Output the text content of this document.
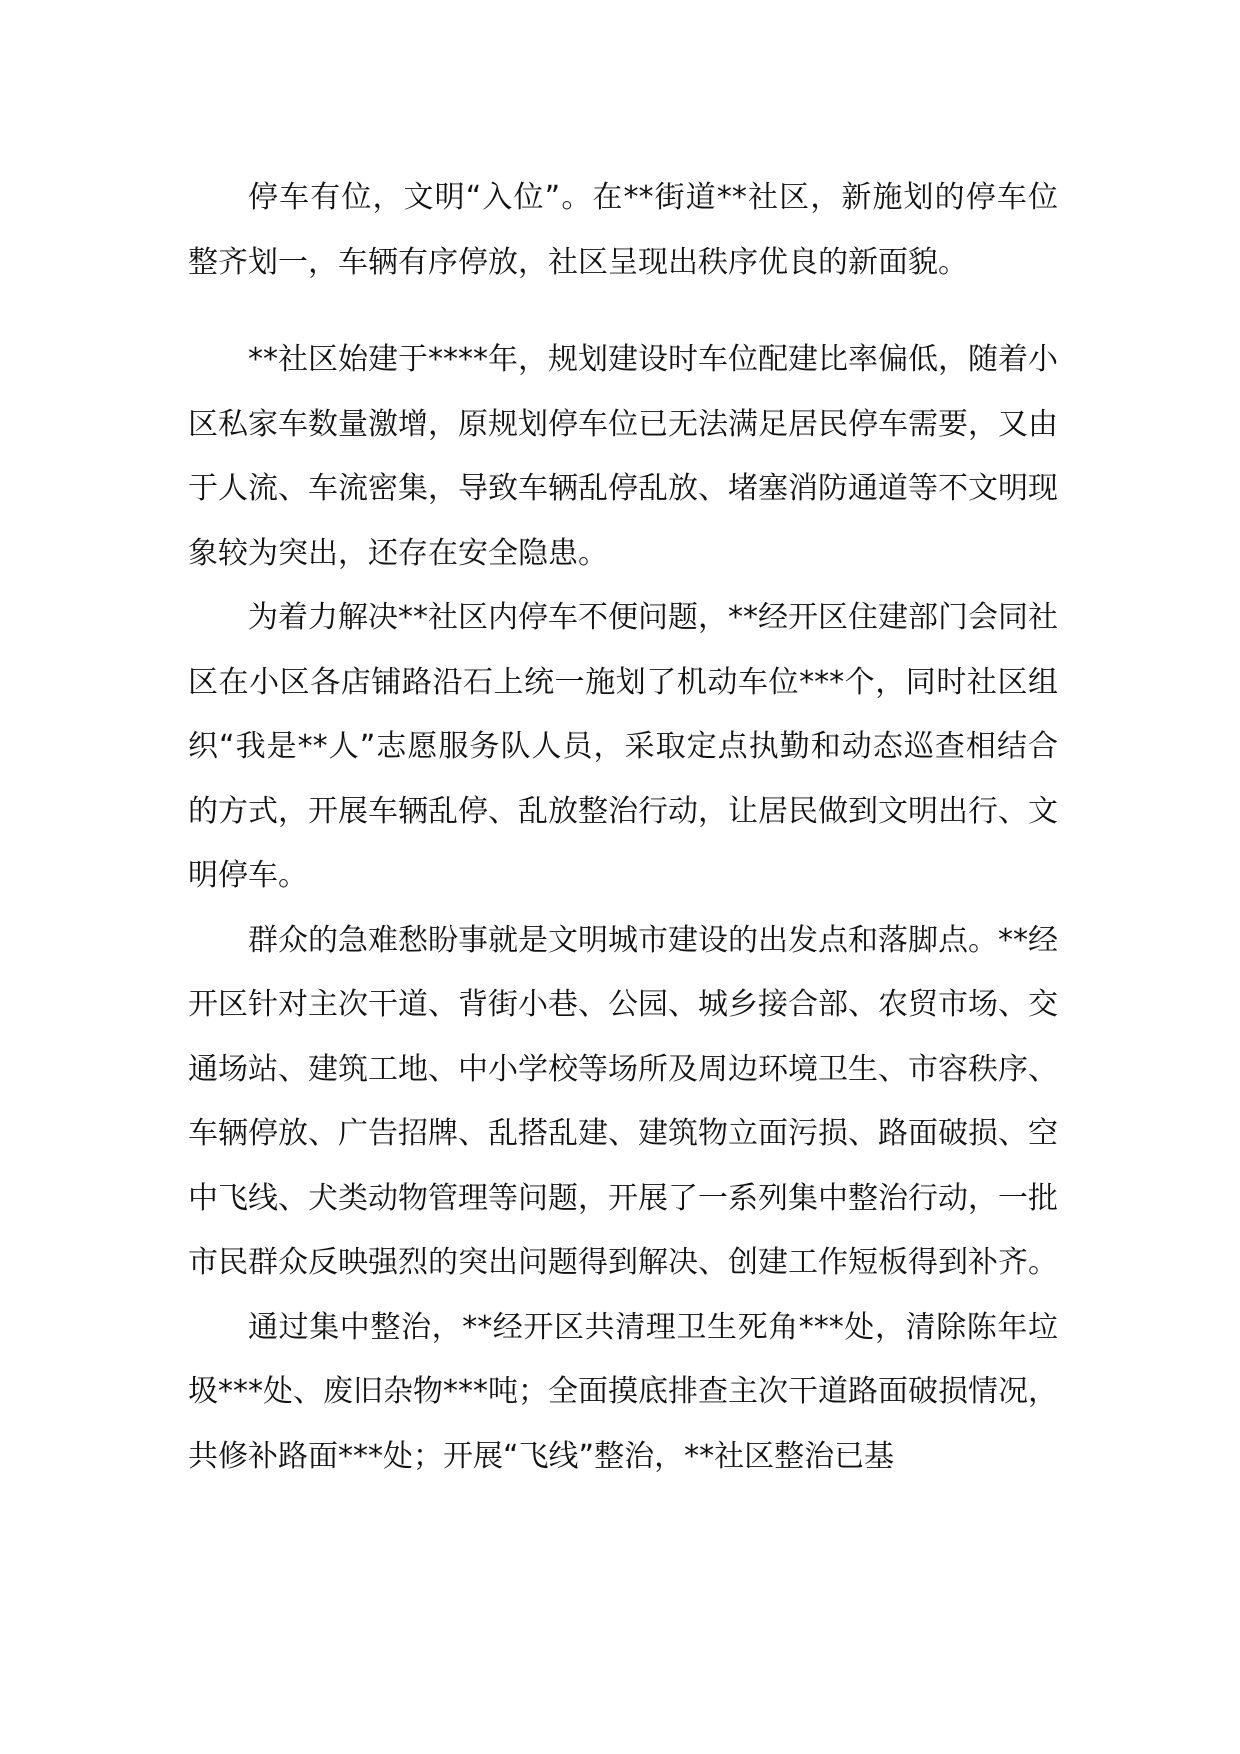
停车有位，文明“入位”。在**街道**社区，新施划的停车位整齐划一，车辆有序停放，社区呈现出秩序优良的新面貌。

**社区始建于****年，规划建设时车位配建比率偏低，随着小区私家车数量激增，原规划停车位已无法满足居民停车需要，又由于人流、车流密集，导致车辆乱停乱放、堵塞消防通道等不文明现象较为突出，还存在安全隐患。

为着力解决**社区内停车不便问题，**经开区住建部门会同社区在小区各店铺路沿石上统一施划了机动车位***个，同时社区组织“我是**人”志愿服务队人员，采取定点执勤和动态巡查相结合的方式，开展车辆乱停、乱放整治行动，让居民做到文明出行、文明停车。

群众的急难愁盼事就是文明城市建设的出发点和落脚点。**经开区针对主次干道、背街小巷、公园、城乡接合部、农贸市场、交通场站、建筑工地、中小学校等场所及周边环境卫生、市容秩序、车辆停放、广告招牌、乱搭乱建、建筑物立面污损、路面破损、空中飞线、犬类动物管理等问题，开展了一系列集中整治行动，一批市民群众反映强烈的突出问题得到解决、创建工作短板得到补齐。

通过集中整治，**经开区共清理卫生死角***处，清除陈年垃圾***处、废旧杂物***吨；全面摸底排查主次干道路面破损情况，共修补路面***处；开展“飞线”整治，**社区整治已基
